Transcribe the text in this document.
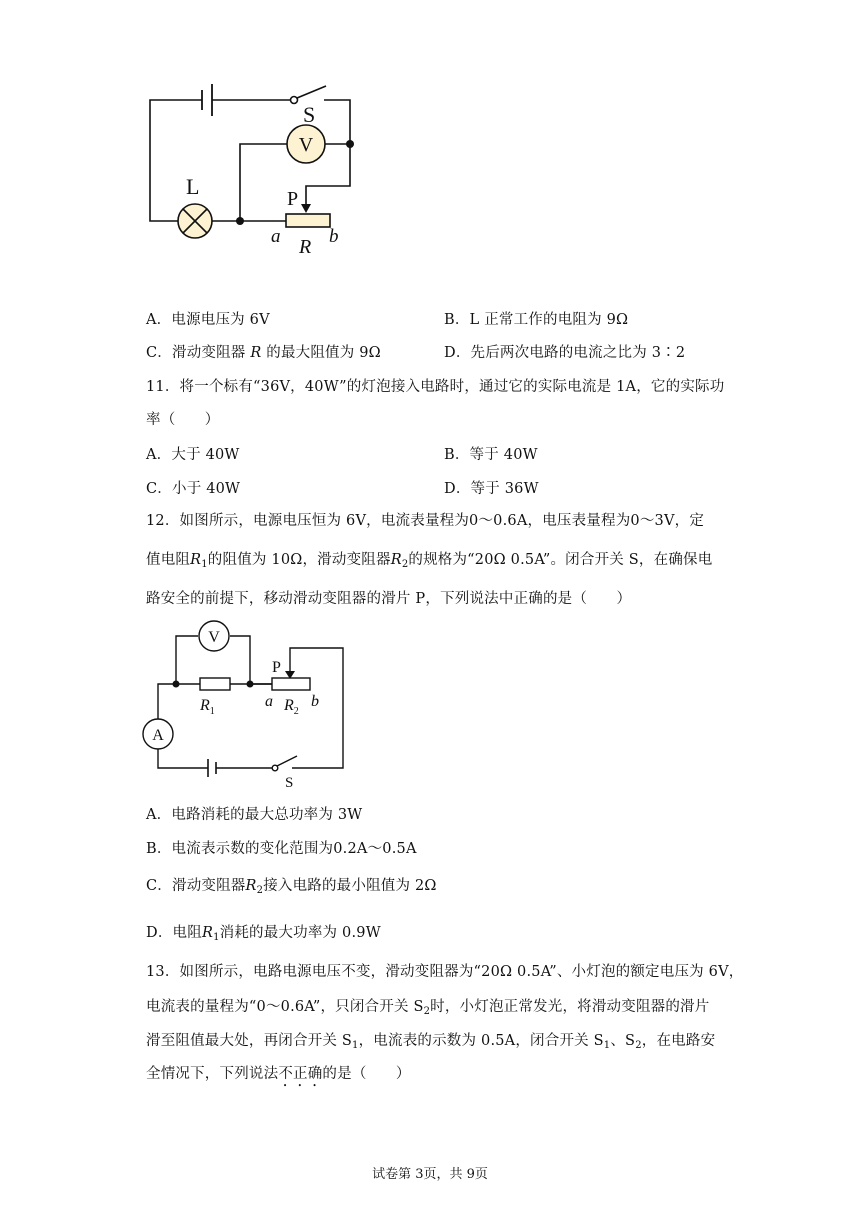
S
V
L	P
a R b
A．电源电压为 6V	B．L 正常工作的电阻为 9Ω
C．滑动变阻器 R 的最大阻值为 9Ω	D．先后两次电路的电流之比为 3∶2
11．将一个标有“36V，40W”的灯泡接入电路时，通过它的实际电流是 1A，它的实际功
率（　　）
A．大于 40W	B．等于 40W
C．小于 40W	D．等于 36W
12．如图所示，电源电压恒为 6V，电流表量程为0～0.6A，电压表量程为0～3V，定
值电阻$R_1$的阻值为 10Ω，滑动变阻器$R_2$的规格为“20Ω 0.5A”。闭合开关 S，在确保电
路安全的前提下，移动滑动变阻器的滑片 P，下列说法中正确的是（　　）
V
P
$R_1$
a $R_2$
b
A
S
A．电路消耗的最大总功率为 3W
B．电流表示数的变化范围为0.2A～0.5A
C．滑动变阻器$R_2$接入电路的最小阻值为 2Ω
D．电阻$R_1$消耗的最大功率为 0.9W
13．如图所示，电路电源电压不变，滑动变阻器为“20Ω 0.5A”、小灯泡的额定电压为 6V，
电流表的量程为“0～0.6A”，只闭合开关 $S_2$时，小灯泡正常发光，将滑动变阻器的滑片
滑至阻值最大处，再闭合开关 $S_1$，电流表的示数为 0.5A，闭合开关 $S_1$、$S_2$，在电路安
全情况下，下列说法不正确的是（　　）
试卷第 3页，共 9页
